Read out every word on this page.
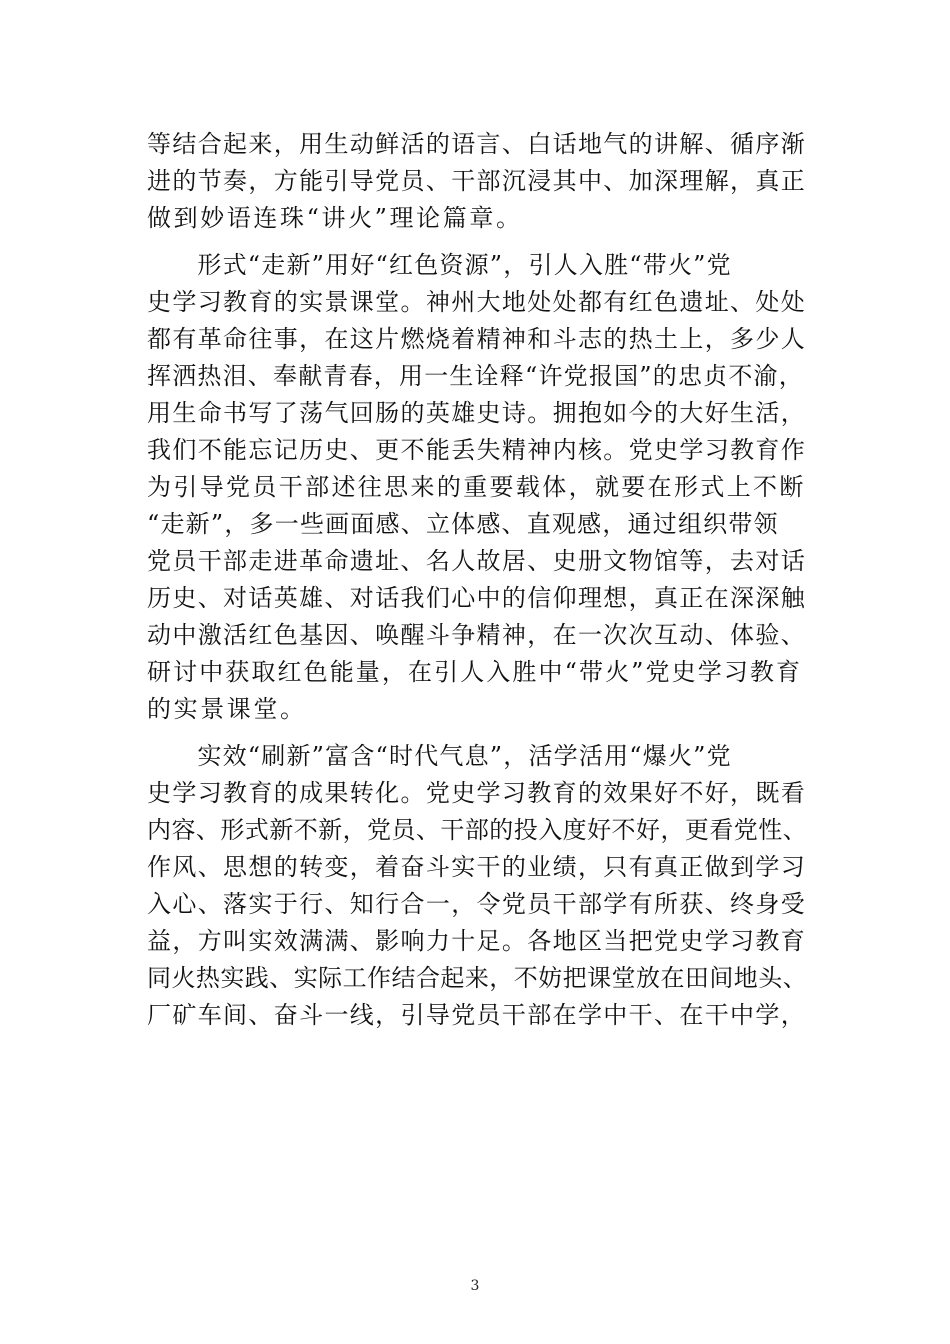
等结合起来，用生动鲜活的语言、白话地气的讲解、循序渐
进的节奏，方能引导党员、干部沉浸其中、加深理解，真正
做到妙语连珠“讲火”理论篇章。

　　形式“走新”用好“红色资源”，引人入胜“带火”党
史学习教育的实景课堂。神州大地处处都有红色遗址、处处
都有革命往事，在这片燃烧着精神和斗志的热土上，多少人
挥洒热泪、奉献青春，用一生诠释“许党报国”的忠贞不渝，
用生命书写了荡气回肠的英雄史诗。拥抱如今的大好生活，
我们不能忘记历史、更不能丢失精神内核。党史学习教育作
为引导党员干部述往思来的重要载体，就要在形式上不断
“走新”，多一些画面感、立体感、直观感，通过组织带领
党员干部走进革命遗址、名人故居、史册文物馆等，去对话
历史、对话英雄、对话我们心中的信仰理想，真正在深深触
动中激活红色基因、唤醒斗争精神，在一次次互动、体验、
研讨中获取红色能量，在引人入胜中“带火”党史学习教育
的实景课堂。

　　实效“刷新”富含“时代气息”，活学活用“爆火”党
史学习教育的成果转化。党史学习教育的效果好不好，既看
内容、形式新不新，党员、干部的投入度好不好，更看党性、
作风、思想的转变，着奋斗实干的业绩，只有真正做到学习
入心、落实于行、知行合一，令党员干部学有所获、终身受
益，方叫实效满满、影响力十足。各地区当把党史学习教育
同火热实践、实际工作结合起来，不妨把课堂放在田间地头、
厂矿车间、奋斗一线，引导党员干部在学中干、在干中学，

3
